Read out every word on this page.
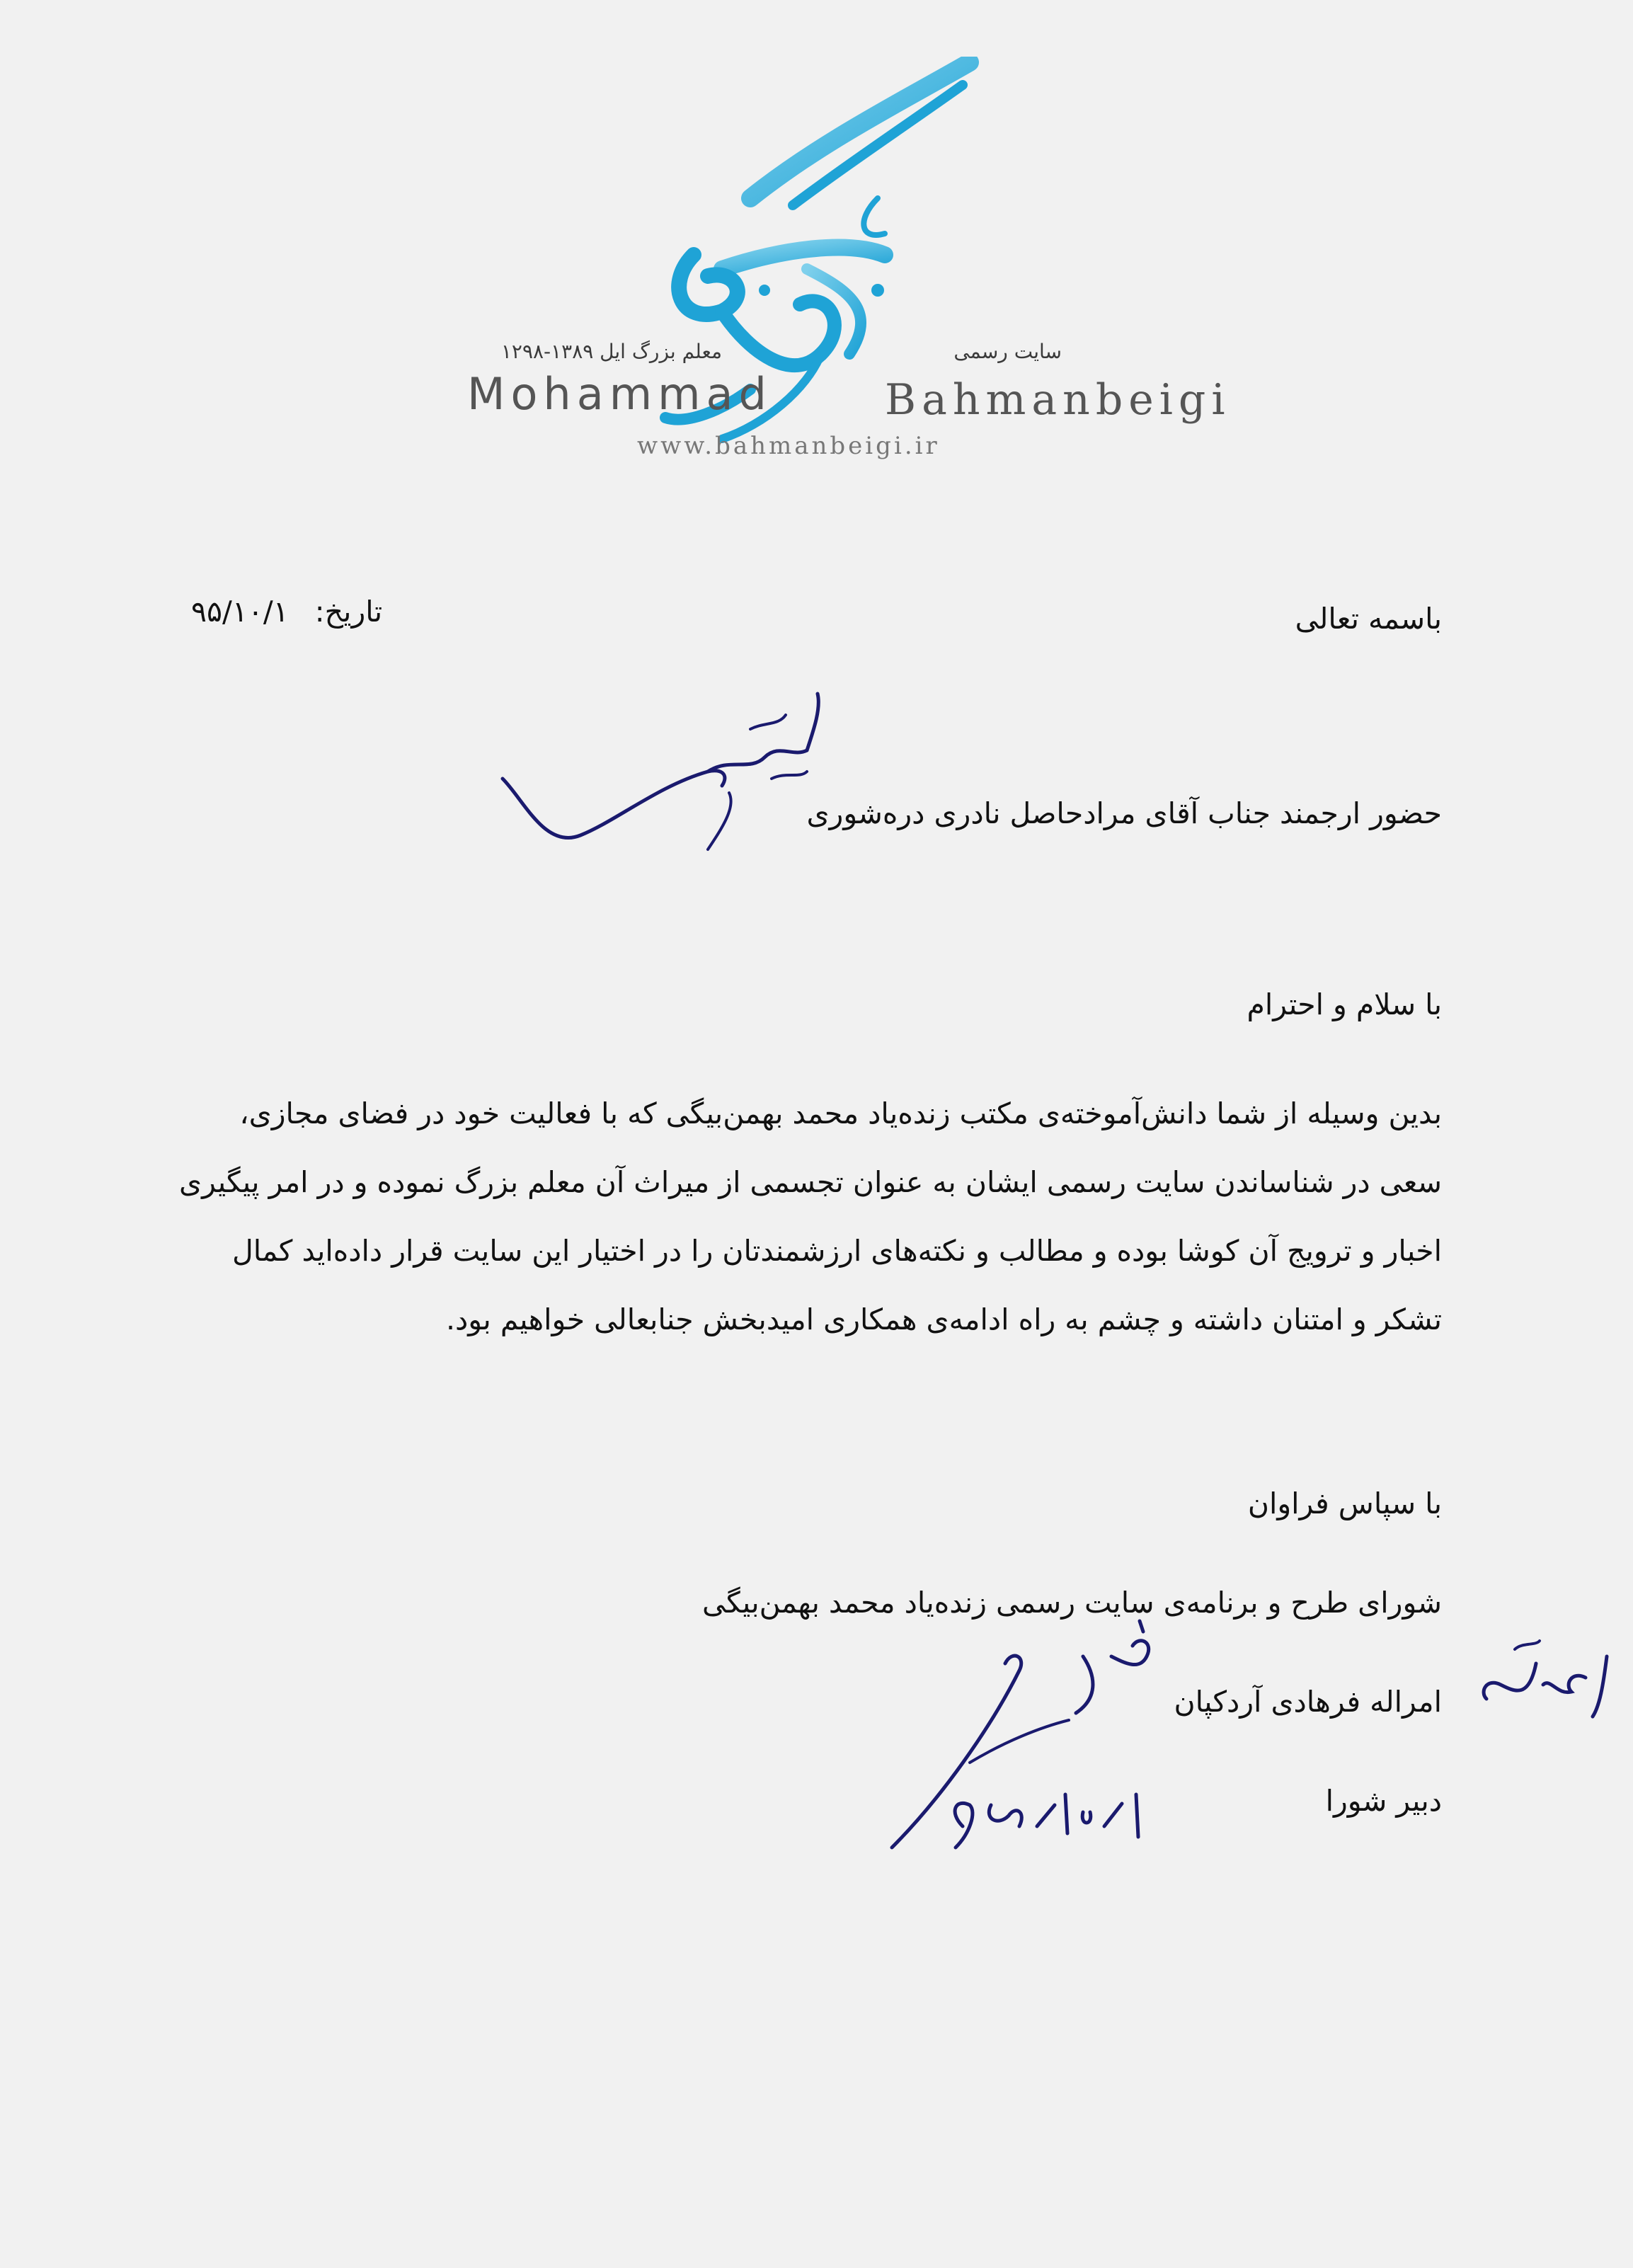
سایت رسمی
معلم بزرگ ایل ۱۳۸۹-۱۲۹۸
Mohammad	Bahmanbeigi
www.bahmanbeigi.ir
باسمه تعالی
تاریخ: ۹۵/۱۰/۱
حضور ارجمند جناب آقای مرادحاصل نادری دره‌شوری
با سلام و احترام
بدین وسیله از شما دانش‌آموخته‌ی مکتب زنده‌یاد محمد بهمن‌بیگی که با فعالیت خود در فضای مجازی،
سعی در شناساندن سایت رسمی ایشان به عنوان تجسمی از میراث آن معلم بزرگ نموده و در امر پیگیری
اخبار و ترویج آن کوشا بوده و مطالب و نکته‌های ارزشمندتان را در اختیار این سایت قرار داده‌اید کمال
تشکر و امتنان داشته و چشم به راه ادامه‌ی همکاری امیدبخش جنابعالی خواهیم بود.
با سپاس فراوان
شورای طرح و برنامه‌ی سایت رسمی زنده‌یاد محمد بهمن‌بیگی
امراله فرهادی آردکپان
دبیر شورا
